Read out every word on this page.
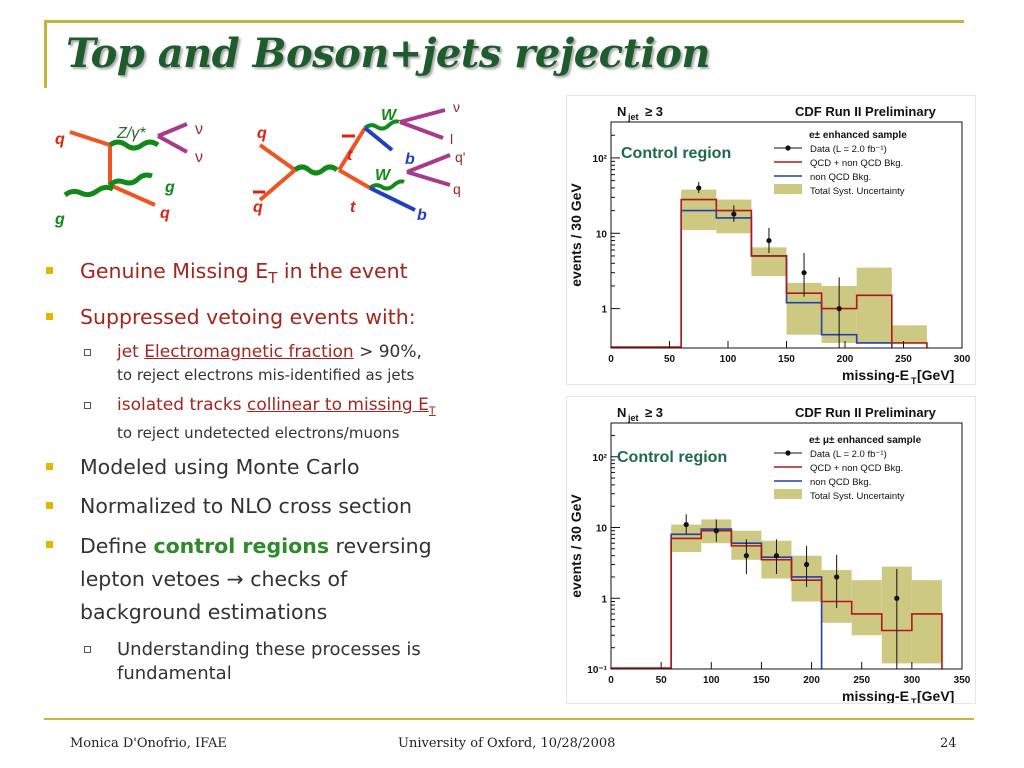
Top and Boson+jets rejection
q	Z/γ*	ν
ν
g
g	q
q
q
t
t
W
W
ν
l
b	q'
q
b
Genuine Missing $E_T$ in the event
Suppressed vetoing events with:
jet Electromagnetic fraction > 90%,
to reject electrons mis-identified as jets
isolated tracks collinear to missing $E_T$
to reject undetected electrons/muons
Modeled using Monte Carlo
Normalized to NLO cross section
Define control regions reversing
lepton vetoes → checks of
background estimations
Understanding these processes is
fundamental
N jet ≥ 3	CDF Run II Preliminary
0	50	100	150	200	250	300
1
10
10²
missing-E T [GeV]
events / 30 GeV
e± enhanced sample
Data (L = 2.0 fb⁻¹)
QCD + non QCD Bkg.
non QCD Bkg.
Total Syst. Uncertainty
Control region
N jet ≥ 3	CDF Run II Preliminary
0	50	100	150	200	250	300	350
10⁻¹
1
10
10²
missing-E T [GeV]
events / 30 GeV
e± μ± enhanced sample
Data (L = 2.0 fb⁻¹)
QCD + non QCD Bkg.
non QCD Bkg.
Total Syst. Uncertainty
Control region
Monica D'Onofrio, IFAE	University of Oxford, 10/28/2008	24
